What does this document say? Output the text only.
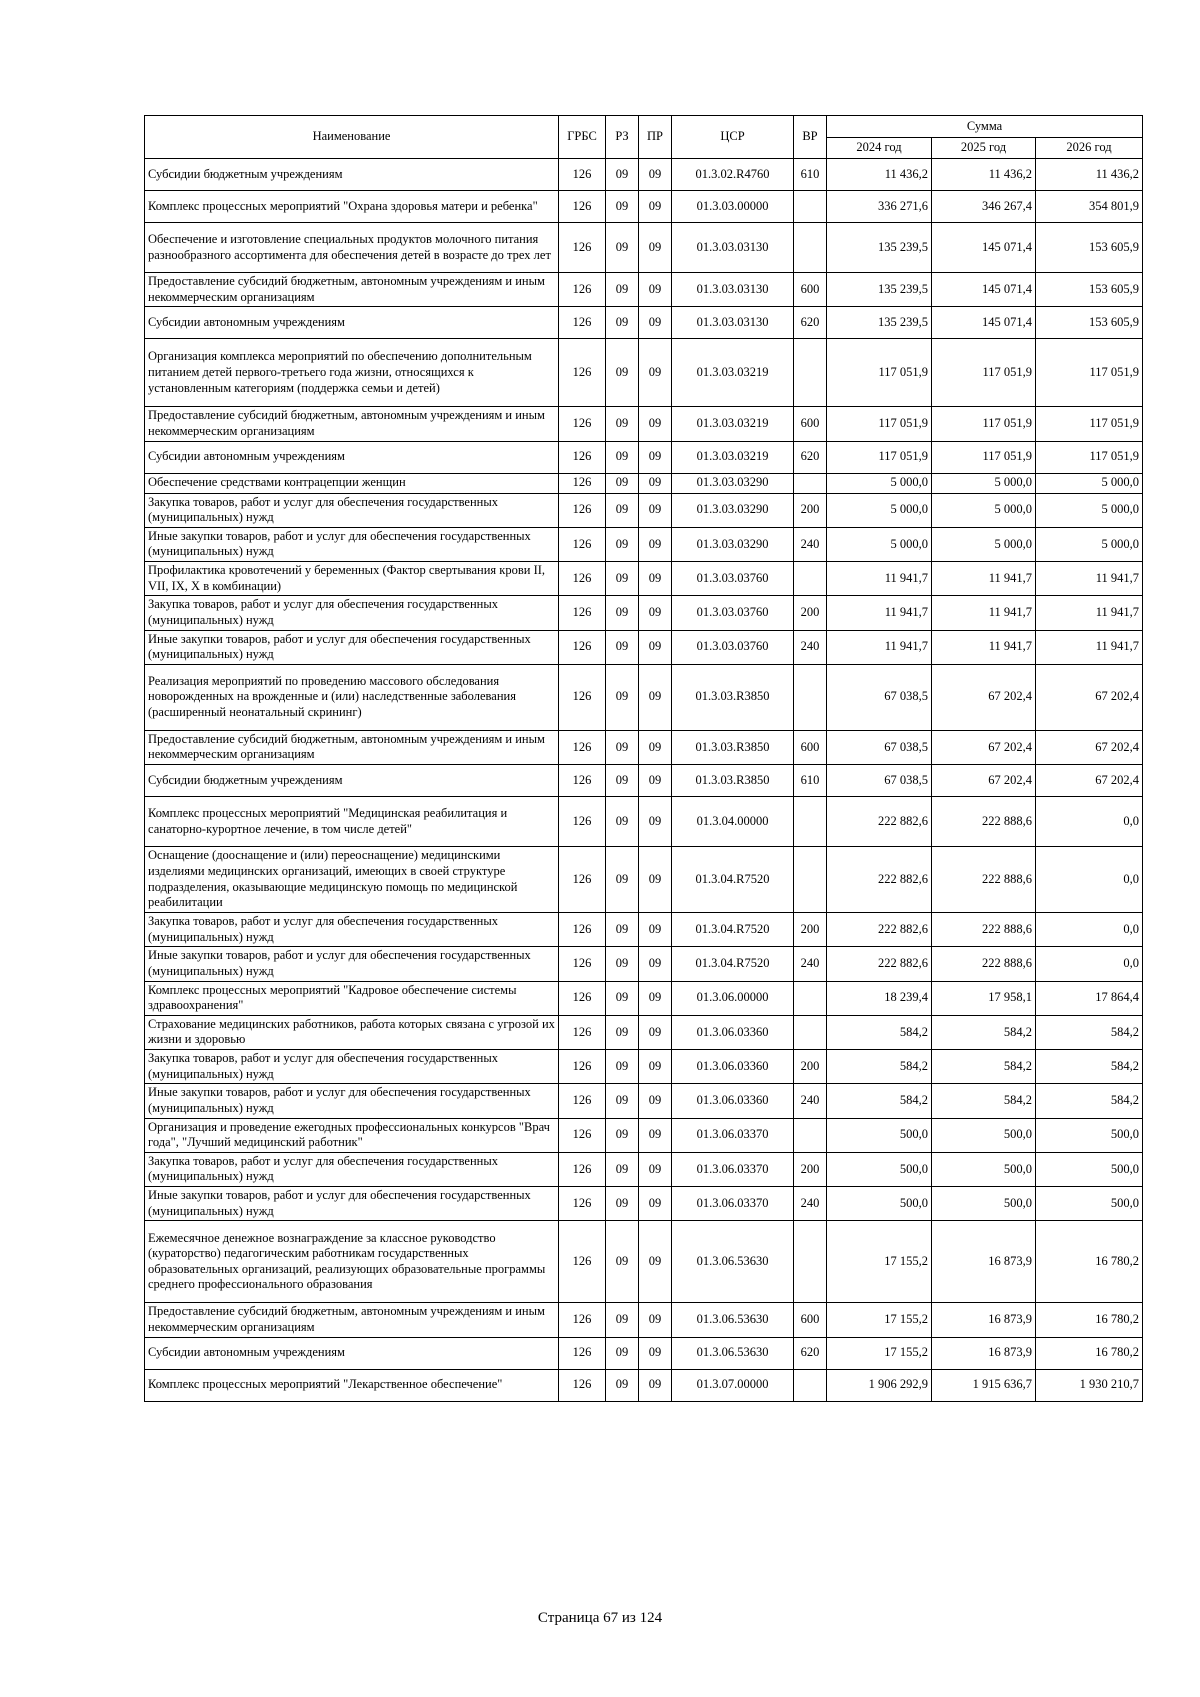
Наименование	ГРБС	РЗ	ПР	ЦСР	ВР	Сумма		
						2024 год	2025 год	2026 год
Субсидии бюджетным учреждениям	126	09	09	01.3.02.R4760	610	11 436,2	11 436,2	11 436,2
Комплекс процессных мероприятий "Охрана здоровья матери и ребенка"	126	09	09	01.3.03.00000		336 271,6	346 267,4	354 801,9
Обеспечение и изготовление специальных продуктов молочного питания разнообразного ассортимента для обеспечения детей в возрасте до трех лет	126	09	09	01.3.03.03130		135 239,5	145 071,4	153 605,9
Предоставление субсидий бюджетным, автономным учреждениям и иным некоммерческим организациям	126	09	09	01.3.03.03130	600	135 239,5	145 071,4	153 605,9
Субсидии автономным учреждениям	126	09	09	01.3.03.03130	620	135 239,5	145 071,4	153 605,9
Организация комплекса мероприятий по обеспечению дополнительным питанием детей первого-третьего года жизни, относящихся к установленным категориям (поддержка семьи и детей)	126	09	09	01.3.03.03219		117 051,9	117 051,9	117 051,9
Предоставление субсидий бюджетным, автономным учреждениям и иным некоммерческим организациям	126	09	09	01.3.03.03219	600	117 051,9	117 051,9	117 051,9
Субсидии автономным учреждениям	126	09	09	01.3.03.03219	620	117 051,9	117 051,9	117 051,9
Обеспечение средствами контрацепции женщин	126	09	09	01.3.03.03290		5 000,0	5 000,0	5 000,0
Закупка товаров, работ и услуг для обеспечения государственных (муниципальных) нужд	126	09	09	01.3.03.03290	200	5 000,0	5 000,0	5 000,0
Иные закупки товаров, работ и услуг для обеспечения государственных (муниципальных) нужд	126	09	09	01.3.03.03290	240	5 000,0	5 000,0	5 000,0
Профилактика кровотечений у беременных (Фактор свертывания крови II, VII, IX, X в комбинации)	126	09	09	01.3.03.03760		11 941,7	11 941,7	11 941,7
Закупка товаров, работ и услуг для обеспечения государственных (муниципальных) нужд	126	09	09	01.3.03.03760	200	11 941,7	11 941,7	11 941,7
Иные закупки товаров, работ и услуг для обеспечения государственных (муниципальных) нужд	126	09	09	01.3.03.03760	240	11 941,7	11 941,7	11 941,7
Реализация мероприятий по проведению массового обследования новорожденных на врожденные и (или) наследственные заболевания (расширенный неонатальный скрининг)	126	09	09	01.3.03.R3850		67 038,5	67 202,4	67 202,4
Предоставление субсидий бюджетным, автономным учреждениям и иным некоммерческим организациям	126	09	09	01.3.03.R3850	600	67 038,5	67 202,4	67 202,4
Субсидии бюджетным учреждениям	126	09	09	01.3.03.R3850	610	67 038,5	67 202,4	67 202,4
Комплекс процессных мероприятий "Медицинская реабилитация и санаторно-курортное лечение, в том числе детей"	126	09	09	01.3.04.00000		222 882,6	222 888,6	0,0
Оснащение (дооснащение и (или) переоснащение) медицинскими изделиями медицинских организаций, имеющих в своей структуре подразделения, оказывающие медицинскую помощь по медицинской реабилитации	126	09	09	01.3.04.R7520		222 882,6	222 888,6	0,0
Закупка товаров, работ и услуг для обеспечения государственных (муниципальных) нужд	126	09	09	01.3.04.R7520	200	222 882,6	222 888,6	0,0
Иные закупки товаров, работ и услуг для обеспечения государственных (муниципальных) нужд	126	09	09	01.3.04.R7520	240	222 882,6	222 888,6	0,0
Комплекс процессных мероприятий "Кадровое обеспечение системы здравоохранения"	126	09	09	01.3.06.00000		18 239,4	17 958,1	17 864,4
Страхование медицинских работников, работа которых связана с угрозой их жизни и здоровью	126	09	09	01.3.06.03360		584,2	584,2	584,2
Закупка товаров, работ и услуг для обеспечения государственных (муниципальных) нужд	126	09	09	01.3.06.03360	200	584,2	584,2	584,2
Иные закупки товаров, работ и услуг для обеспечения государственных (муниципальных) нужд	126	09	09	01.3.06.03360	240	584,2	584,2	584,2
Организация и проведение ежегодных профессиональных конкурсов "Врач года", "Лучший медицинский работник"	126	09	09	01.3.06.03370		500,0	500,0	500,0
Закупка товаров, работ и услуг для обеспечения государственных (муниципальных) нужд	126	09	09	01.3.06.03370	200	500,0	500,0	500,0
Иные закупки товаров, работ и услуг для обеспечения государственных (муниципальных) нужд	126	09	09	01.3.06.03370	240	500,0	500,0	500,0
Ежемесячное денежное вознаграждение за классное руководство (кураторство) педагогическим работникам государственных образовательных организаций, реализующих образовательные программы среднего профессионального образования	126	09	09	01.3.06.53630		17 155,2	16 873,9	16 780,2
Предоставление субсидий бюджетным, автономным учреждениям и иным некоммерческим организациям	126	09	09	01.3.06.53630	600	17 155,2	16 873,9	16 780,2
Субсидии автономным учреждениям	126	09	09	01.3.06.53630	620	17 155,2	16 873,9	16 780,2
Комплекс процессных мероприятий "Лекарственное обеспечение"	126	09	09	01.3.07.00000		1 906 292,9	1 915 636,7	1 930 210,7
Страница 67 из 124
